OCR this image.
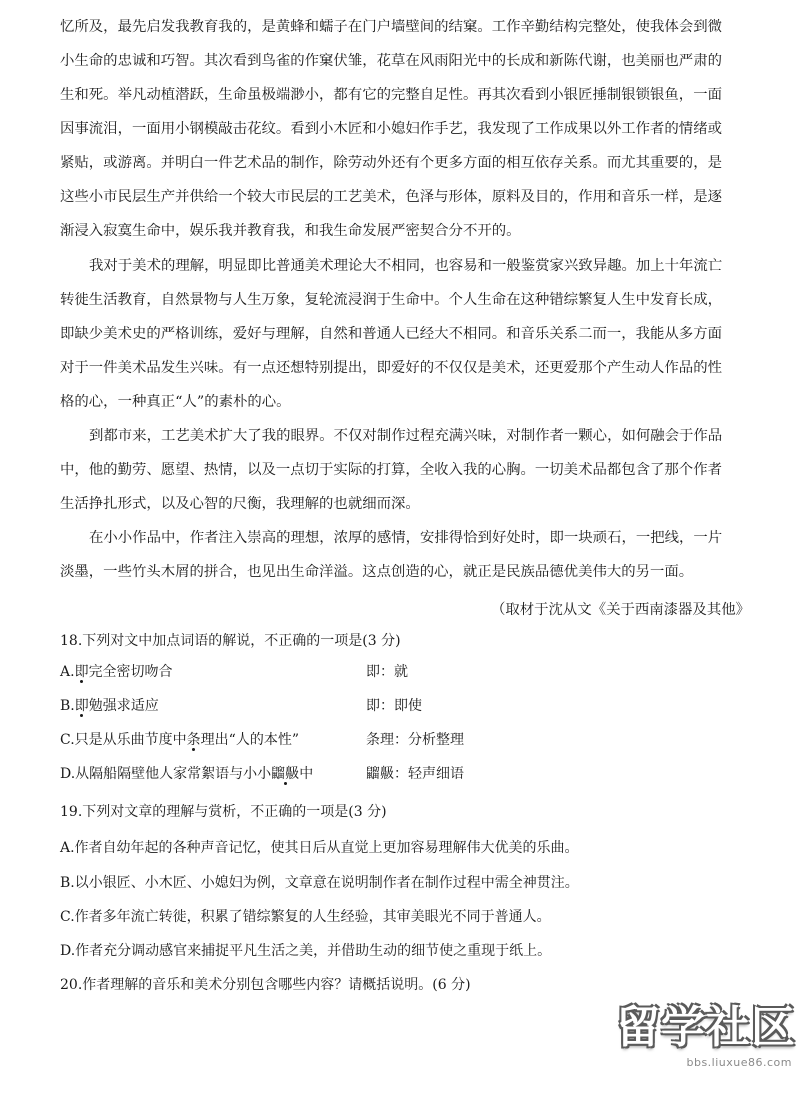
忆所及，最先启发我教育我的，是黄蜂和蠕子在门户墙壁间的结窠。工作辛勤结构完整处，使我体会到微
小生命的忠诚和巧智。其次看到鸟雀的作窠伏雏，花草在风雨阳光中的长成和新陈代谢，也美丽也严肃的
生和死。举凡动植潜跃，生命虽极端渺小，都有它的完整自足性。再其次看到小银匠捶制银锁银鱼，一面
因事流泪，一面用小钢模敲击花纹。看到小木匠和小媳妇作手艺，我发现了工作成果以外工作者的情绪或
紧贴，或游离。并明白一件艺术品的制作，除劳动外还有个更多方面的相互依存关系。而尤其重要的，是
这些小市民层生产并供给一个较大市民层的工艺美术，色泽与形体，原料及目的，作用和音乐一样，是逐
渐浸入寂寞生命中，娱乐我并教育我，和我生命发展严密契合分不开的。
我对于美术的理解，明显即比普通美术理论大不相同，也容易和一般鉴赏家兴致异趣。加上十年流亡
转徙生活教育，自然景物与人生万象，复轮流浸润于生命中。个人生命在这种错综繁复人生中发育长成，
即缺少美术史的严格训练，爱好与理解，自然和普通人已经大不相同。和音乐关系二而一，我能从多方面
对于一件美术品发生兴味。有一点还想特别提出，即爱好的不仅仅是美术，还更爱那个产生动人作品的性
格的心，一种真正“人”的素朴的心。
到都市来，工艺美术扩大了我的眼界。不仅对制作过程充满兴味，对制作者一颗心，如何融会于作品
中，他的勤劳、愿望、热情，以及一点切于实际的打算，全收入我的心胸。一切美术品都包含了那个作者
生活挣扎形式，以及心智的尺衡，我理解的也就细而深。
在小小作品中，作者注入崇高的理想，浓厚的感情，安排得恰到好处时，即一块顽石，一把线，一片
淡墨，一些竹头木屑的拼合，也见出生命洋溢。这点创造的心，就正是民族品德优美伟大的另一面。
（取材于沈从文《关于西南漆器及其他》
18.下列对文中加点词语的解说，不正确的一项是(3 分)
A.即完全密切吻合	即：就
B.即勉强求适应	即：即使
C.只是从乐曲节度中条理出“人的本性”	条理：分析整理
D.从隔船隔壁他人家常絮语与小小䶉䶋中	䶉䶋：轻声细语
19.下列对文章的理解与赏析，不正确的一项是(3 分)
A.作者自幼年起的各种声音记忆，使其日后从直觉上更加容易理解伟大优美的乐曲。
B.以小银匠、小木匠、小媳妇为例，文章意在说明制作者在制作过程中需全神贯注。
C.作者多年流亡转徙，积累了错综繁复的人生经验，其审美眼光不同于普通人。
D.作者充分调动感官来捕捉平凡生活之美，并借助生动的细节使之重现于纸上。
20.作者理解的音乐和美术分别包含哪些内容？请概括说明。(6 分)
留学社区
bbs.liuxue86.com
